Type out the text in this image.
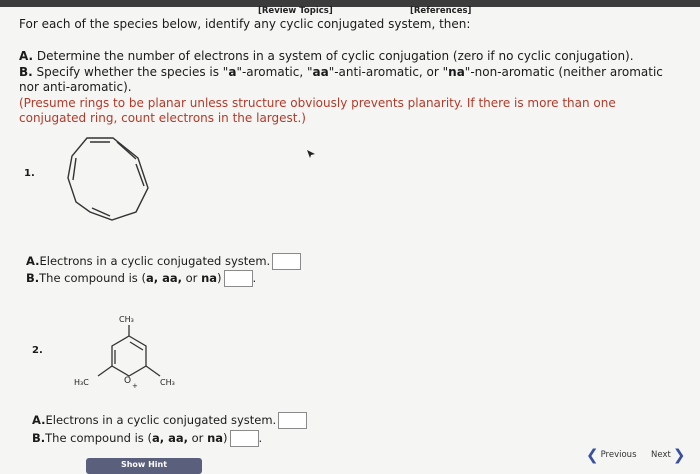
[Review Topics]	[References]
For each of the species below, identify any cyclic conjugated system, then:
A. Determine the number of electrons in a system of cyclic conjugation (zero if no cyclic conjugation).
B. Specify whether the species is "a"-aromatic, "aa"-anti-aromatic, or "na"-non-aromatic (neither aromatic nor anti-aromatic).
(Presume rings to be planar unless structure obviously prevents planarity. If there is more than one conjugated ring, count electrons in the largest.)
1.
A.Electrons in a cyclic conjugated system.
B.The compound is (a, aa, or na)	.
2.
CH₃
H₃C	CH₃
O +
A.Electrons in a cyclic conjugated system.
B.The compound is (a, aa, or na)	.
Show Hint
❮ Previous Next ❯
